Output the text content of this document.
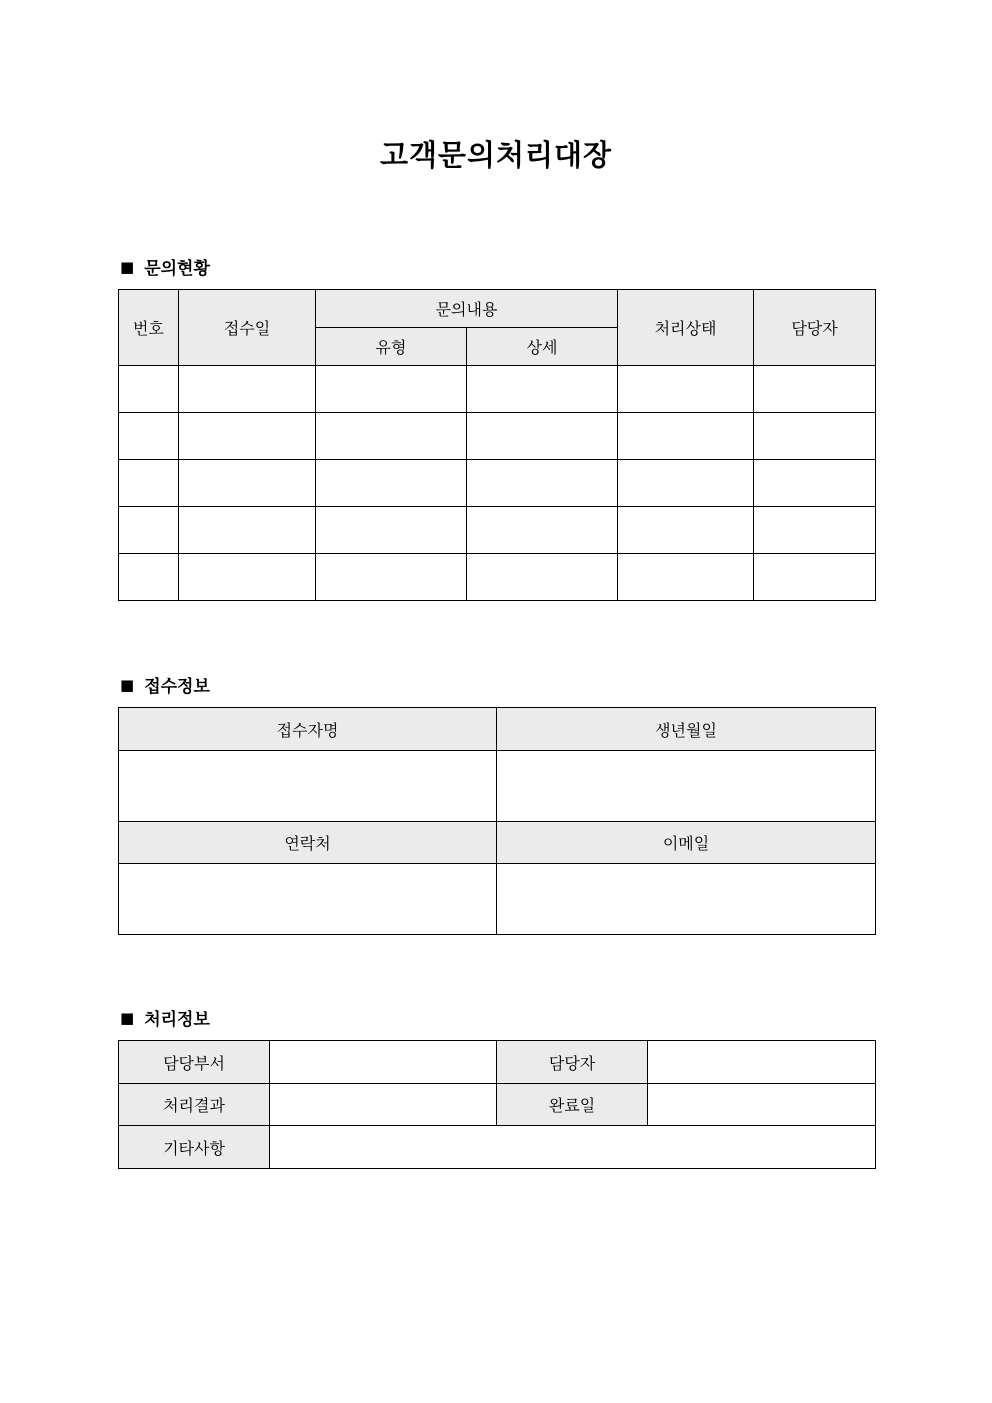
고객문의처리대장
■ 문의현황
번호	접수일	문의내용		처리상태	담당자
		유형	상세		

■ 접수정보
접수자명	생년월일

연락처	이메일

■ 처리정보
담당부서		담당자	
처리결과		완료일	
기타사항			
